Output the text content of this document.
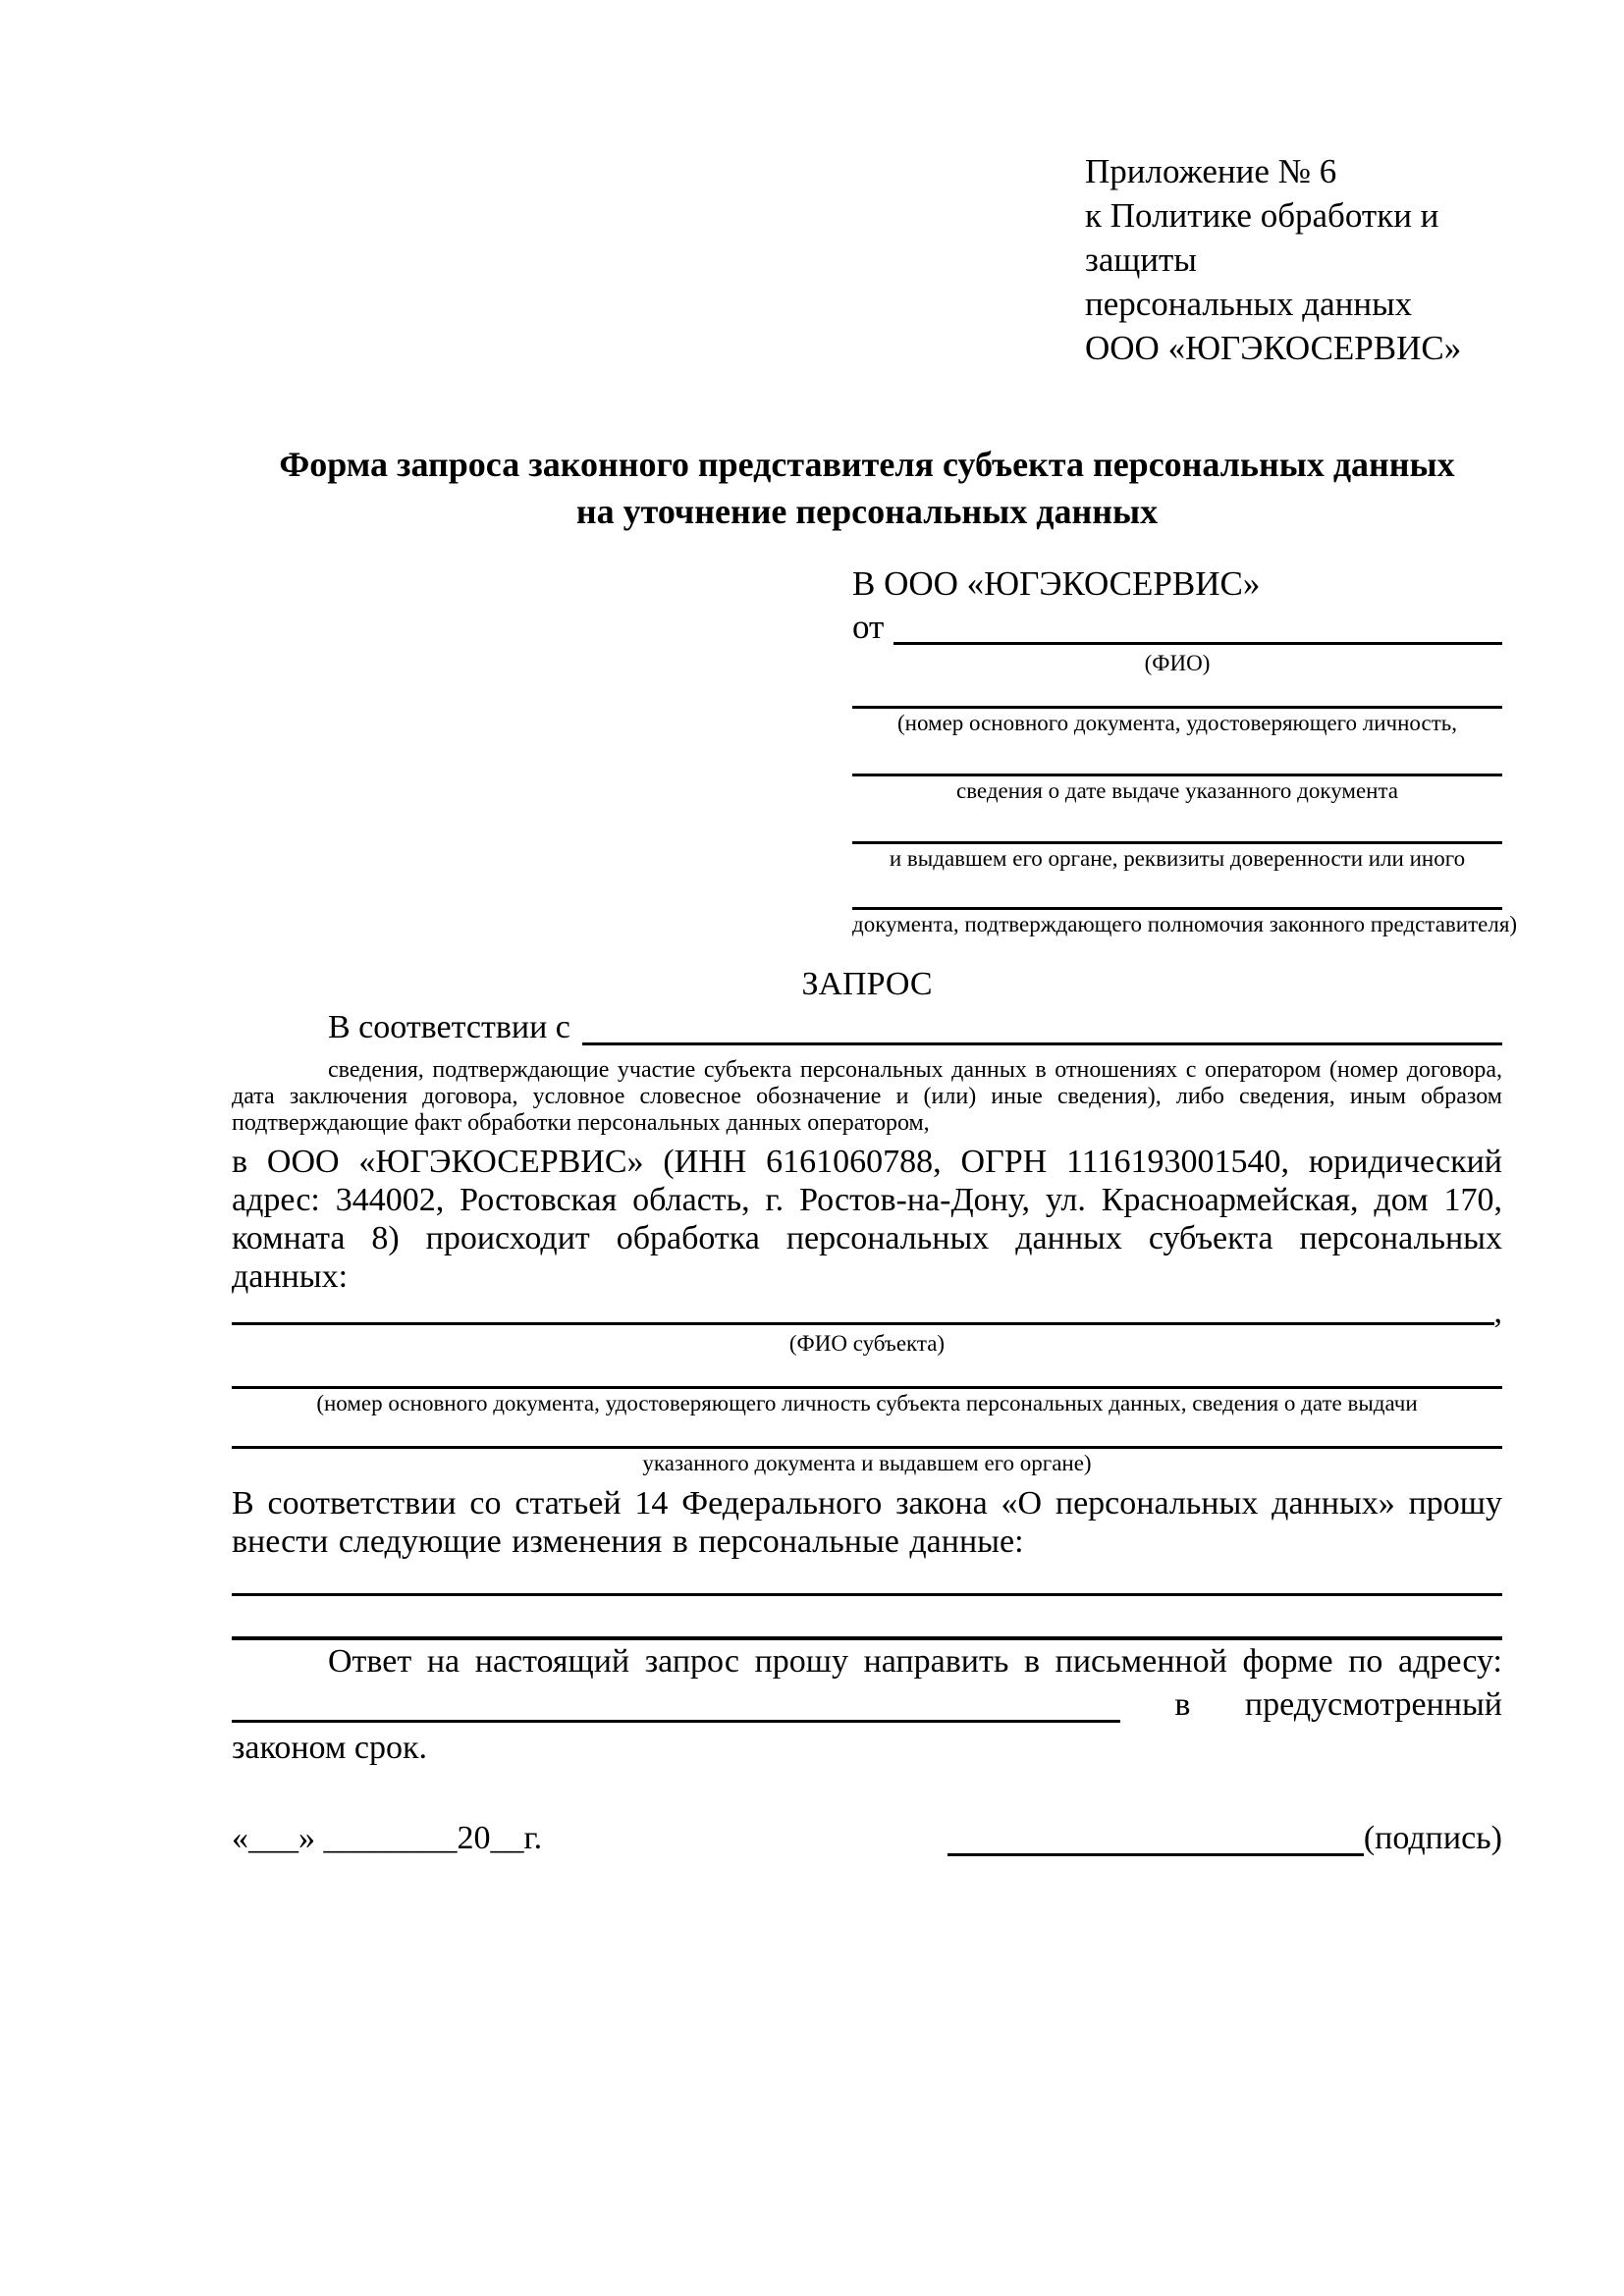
Приложение № 6
к Политике обработки и защиты
персональных данных
ООО «ЮГЭКОСЕРВИС»
Форма запроса законного представителя субъекта персональных данных
на уточнение персональных данных
В ООО «ЮГЭКОСЕРВИС»
от
(ФИО)
(номер основного документа, удостоверяющего личность,
сведения о дате выдаче указанного документа
и выдавшем его органе, реквизиты доверенности или иного
документа, подтверждающего полномочия законного представителя)
ЗАПРОС
В соответствии с
сведения, подтверждающие участие субъекта персональных данных в отношениях с оператором (номер договора, дата заключения договора, условное словесное обозначение и (или) иные сведения), либо сведения, иным образом подтверждающие факт обработки персональных данных оператором,
в ООО «ЮГЭКОСЕРВИС» (ИНН 6161060788, ОГРН 1116193001540, юридический адрес: 344002, Ростовская область, г. Ростов-на-Дону, ул. Красноармейская, дом 170, комната 8) происходит обработка персональных данных субъекта персональных данных:
,
(ФИО субъекта)
(номер основного документа, удостоверяющего личность субъекта персональных данных, сведения о дате выдачи
указанного документа и выдавшем его органе)
В соответствии со статьей 14 Федерального закона «О персональных данных» прошу внести следующие изменения в персональные данные:
Ответ на настоящий запрос прошу направить в письменной форме по адресу:
в предусмотренный
законом срок.
«___» ________20__г.	(подпись)
